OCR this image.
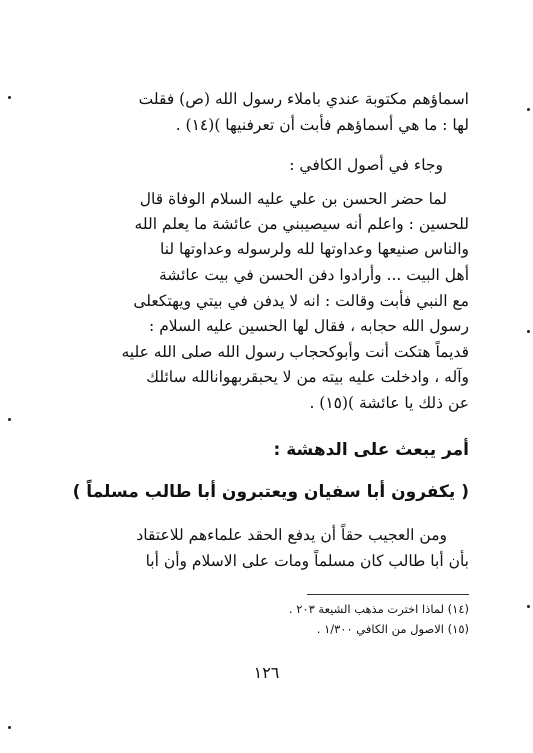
اسماؤهم مكتوبة عندي باملاء رسول الله (ص) فقلت
لها : ما هي أسماؤهم فأبت أن تعرفنيها )(١٤) .
وجاء في أصول الكافي :
لما حضر الحسن بن علي عليه السلام الوفاة قال
للحسين : واعلم أنه سيصيبني من عائشة ما يعلم الله
والناس صنيعها وعداوتها لله ولرسوله وعداوتها لنا
أهل البيت ... وأرادوا دفن الحسن في بيت عائشة
مع النبي فأبت وقالت : انه لا يدفن في بيتي ويهتكعلى
رسول الله حجابه ، فقال لها الحسين عليه السلام :
قديماً هتكت أنت وأبوكحجاب رسول الله صلى الله عليه
وآله ، وادخلت عليه بيته من لا يحبقربهوانالله سائلك
عن ذلك يا عائشة )(١٥) .
أمر يبعث على الدهشة :
( يكفرون أبا سفيان ويعتبرون أبا طالب مسلماً )
ومن العجيب حقاً أن يدفع الحقد علماءهم للاعتقاد
بأن أبا طالب كان مسلماً ومات على الاسلام وأن أبا
(١٤) لماذا اخترت مذهب الشيعة ٢٠٣ .
(١٥) الاصول من الكافي ١/٣٠٠ .
١٢٦
